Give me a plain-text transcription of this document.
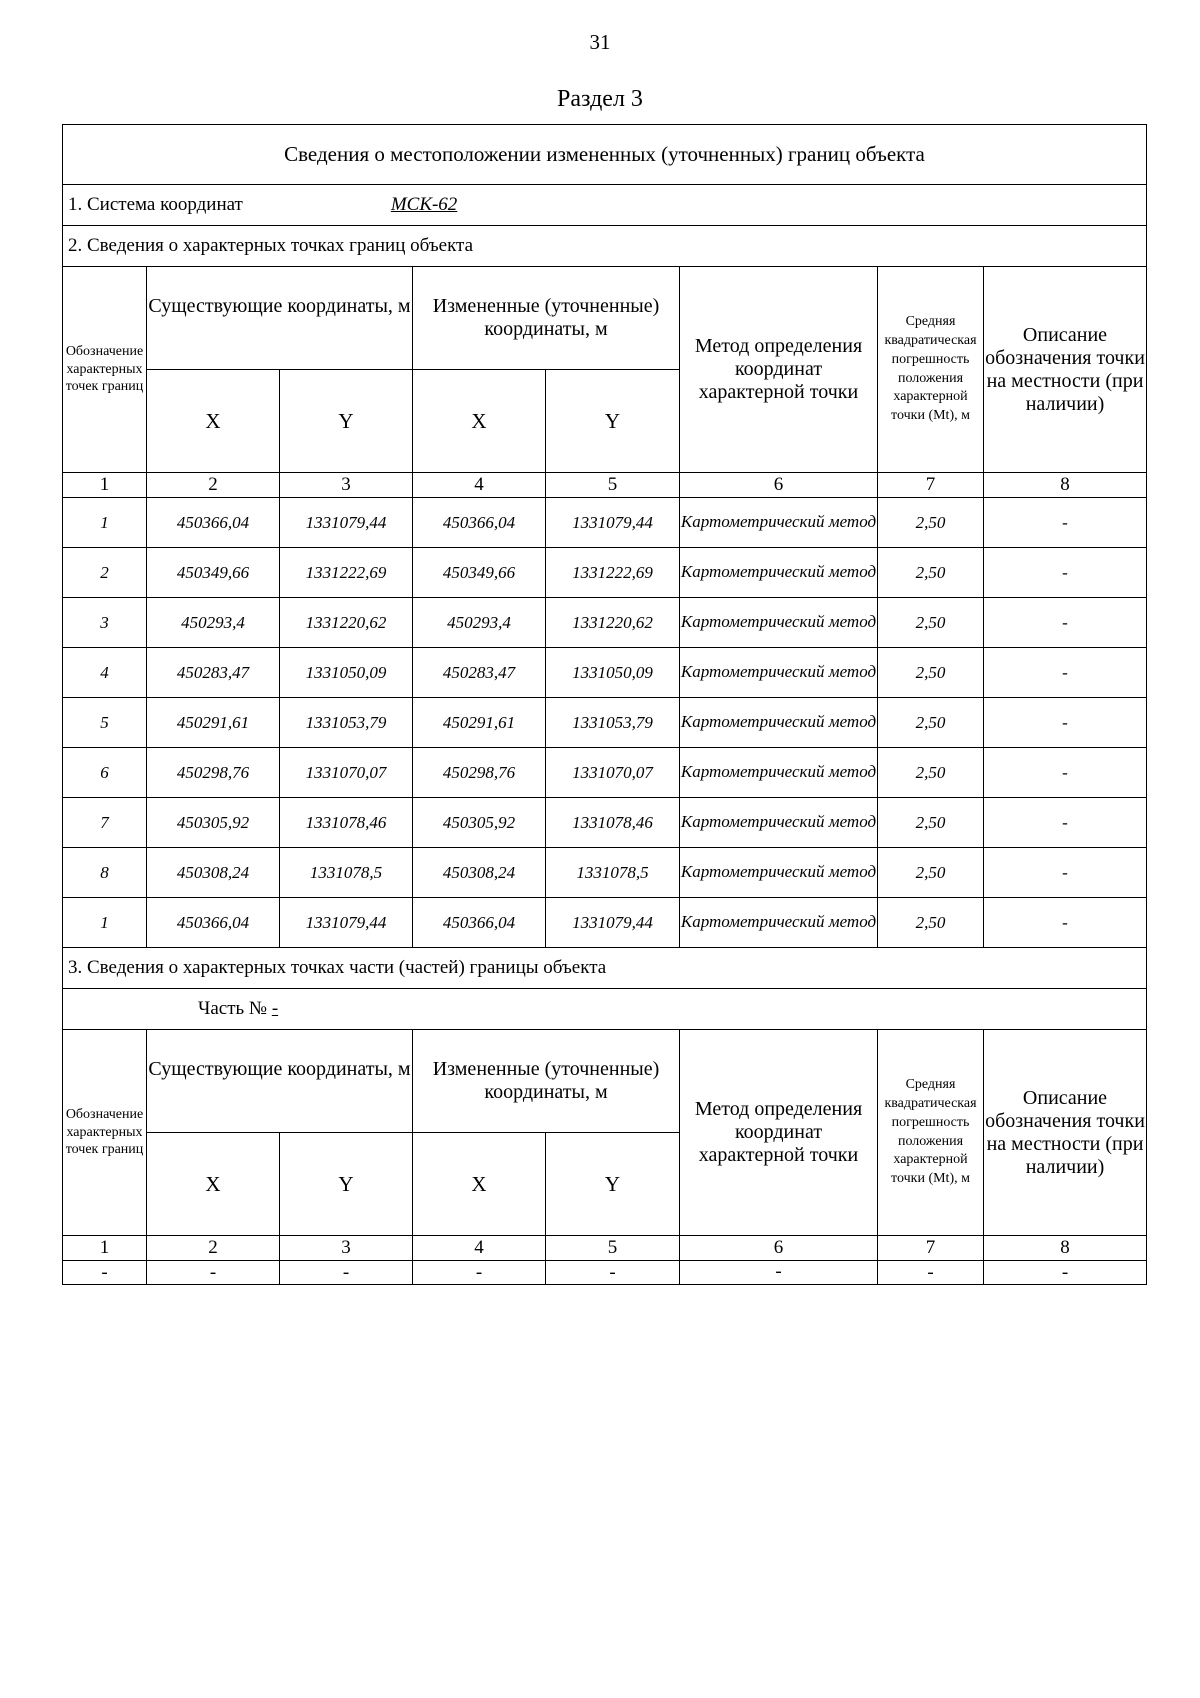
31
Раздел 3
Сведения о местоположении измененных (уточненных) границ объекта							
1. Система координат МСК-62							
2. Сведения о характерных точках границ объекта							
Обозначение характерных точек границ	Существующие координаты, м		Измененные (уточненные) координаты, м		Метод определения координат характерной точки	Средняя квадратическая погрешность положения характерной точки (Mt), м	Описание обозначения точки на местности (при наличии)
	X	Y	X	Y			
1	2	3	4	5	6	7	8
1	450366,04	1331079,44	450366,04	1331079,44	Картометрический метод	2,50	-
2	450349,66	1331222,69	450349,66	1331222,69	Картометрический метод	2,50	-
3	450293,4	1331220,62	450293,4	1331220,62	Картометрический метод	2,50	-
4	450283,47	1331050,09	450283,47	1331050,09	Картометрический метод	2,50	-
5	450291,61	1331053,79	450291,61	1331053,79	Картометрический метод	2,50	-
6	450298,76	1331070,07	450298,76	1331070,07	Картометрический метод	2,50	-
7	450305,92	1331078,46	450305,92	1331078,46	Картометрический метод	2,50	-
8	450308,24	1331078,5	450308,24	1331078,5	Картометрический метод	2,50	-
1	450366,04	1331079,44	450366,04	1331079,44	Картометрический метод	2,50	-
3. Сведения о характерных точках части (частей) границы объекта							
Часть № -							
Обозначение характерных точек границ	Существующие координаты, м		Измененные (уточненные) координаты, м		Метод определения координат характерной точки	Средняя квадратическая погрешность положения характерной точки (Mt), м	Описание обозначения точки на местности (при наличии)
	X	Y	X	Y			
1	2	3	4	5	6	7	8
-	-	-	-	-	-	-	-
